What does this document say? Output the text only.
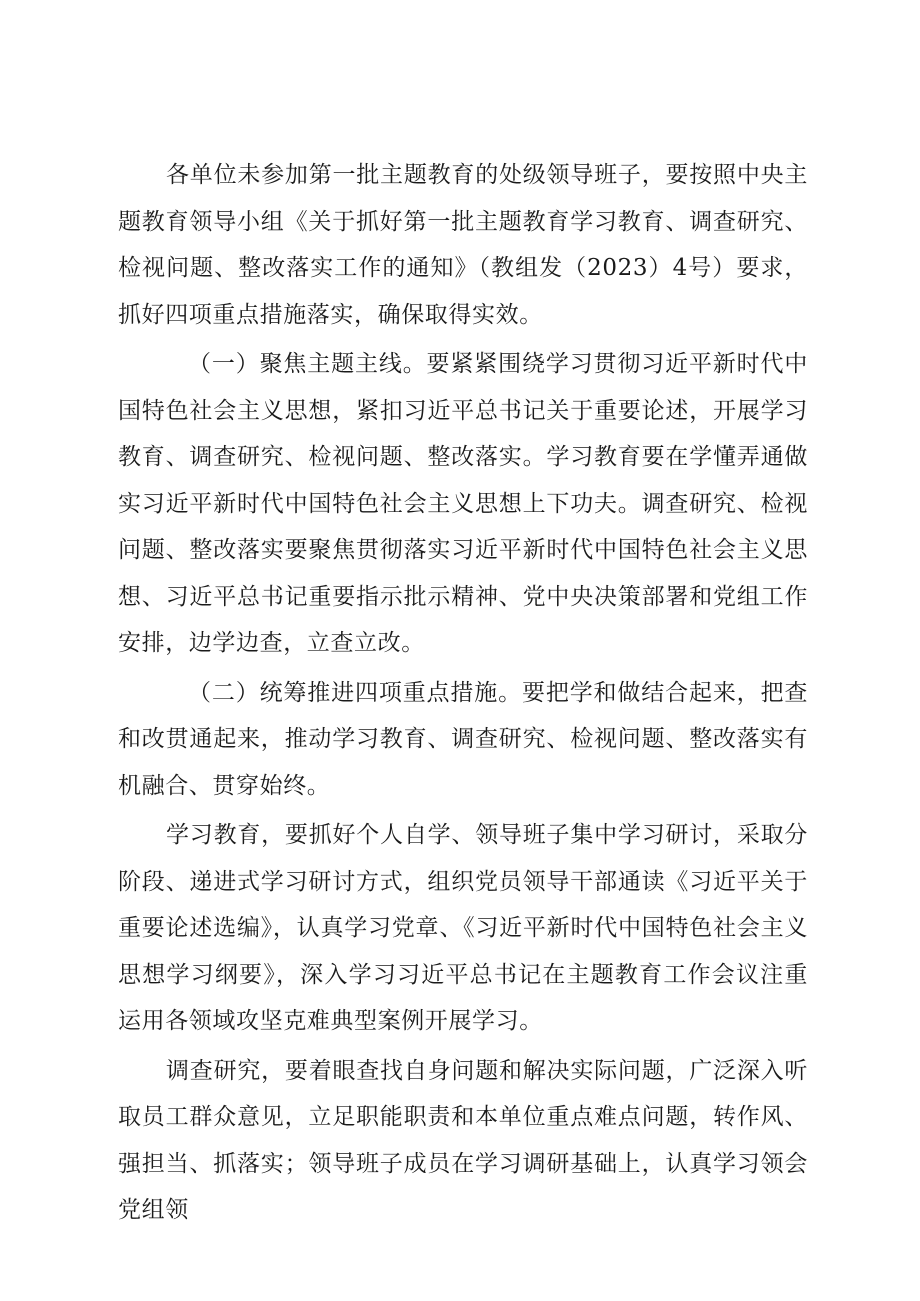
各单位未参加第一批主题教育的处级领导班子，要按照中央主题教育领导小组《关于抓好第一批主题教育学习教育、调查研究、检视问题、整改落实工作的通知》（教组发（2023）4号）要求，抓好四项重点措施落实，确保取得实效。

（一）聚焦主题主线。要紧紧围绕学习贯彻习近平新时代中国特色社会主义思想，紧扣习近平总书记关于重要论述，开展学习教育、调查研究、检视问题、整改落实。学习教育要在学懂弄通做实习近平新时代中国特色社会主义思想上下功夫。调查研究、检视问题、整改落实要聚焦贯彻落实习近平新时代中国特色社会主义思想、习近平总书记重要指示批示精神、党中央决策部署和党组工作安排，边学边查，立查立改。

（二）统筹推进四项重点措施。要把学和做结合起来，把查和改贯通起来，推动学习教育、调查研究、检视问题、整改落实有机融合、贯穿始终。

学习教育，要抓好个人自学、领导班子集中学习研讨，采取分阶段、递进式学习研讨方式，组织党员领导干部通读《习近平关于重要论述选编》，认真学习党章、《习近平新时代中国特色社会主义思想学习纲要》，深入学习习近平总书记在主题教育工作会议注重运用各领域攻坚克难典型案例开展学习。

调查研究，要着眼查找自身问题和解决实际问题，广泛深入听取员工群众意见，立足职能职责和本单位重点难点问题，转作风、强担当、抓落实；领导班子成员在学习调研基础上，认真学习领会党组领
